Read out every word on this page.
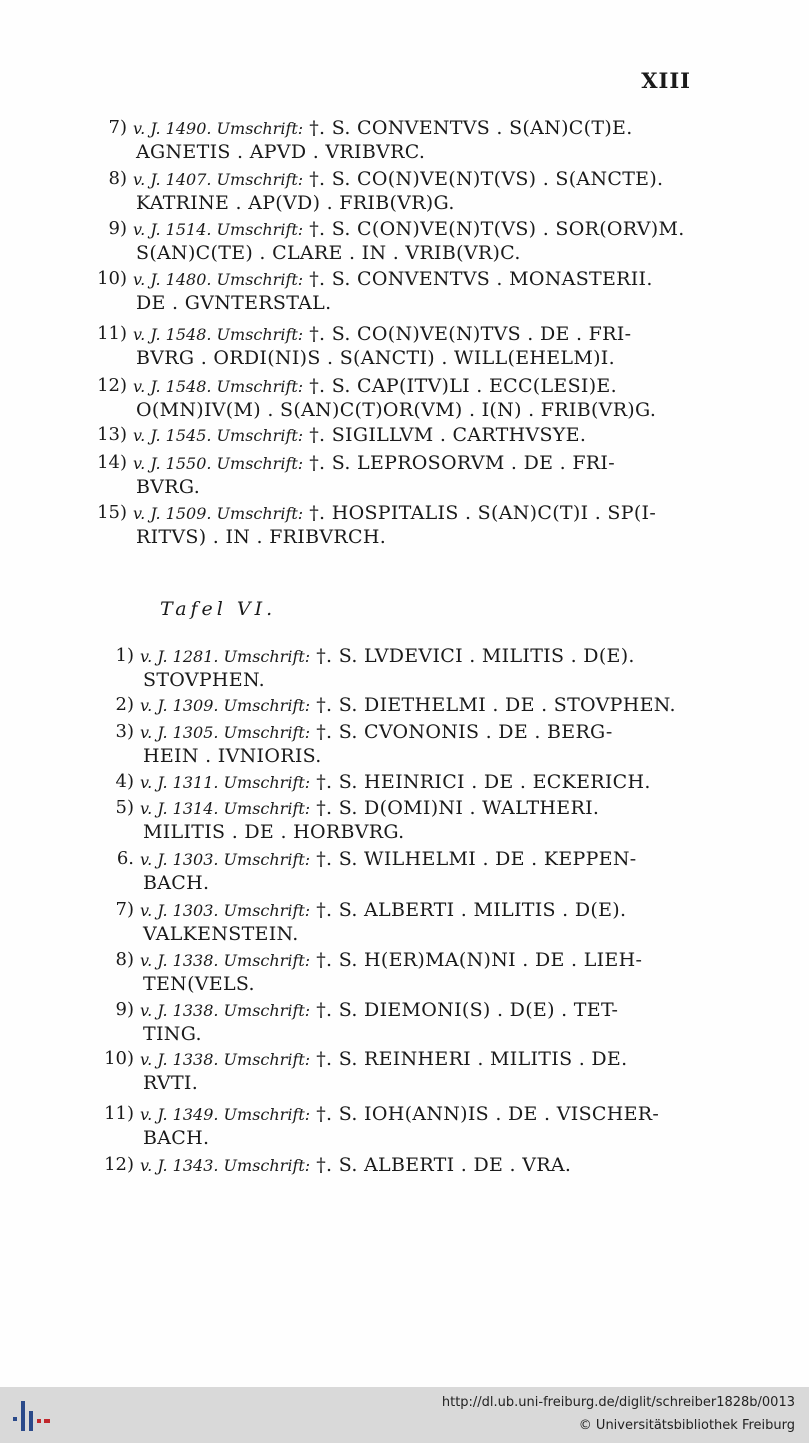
XIII
7) v. J. 1490. Umschrift: †. S. CONVENTVS . S(AN)C(T)E.
AGNETIS . APVD . VRIBVRC.
8) v. J. 1407. Umschrift: †. S. CO(N)VE(N)T(VS) . S(ANCTE).
KATRINE . AP(VD) . FRIB(VR)G.
9) v. J. 1514. Umschrift: †. S. C(ON)VE(N)T(VS) . SOR(ORV)M.
S(AN)C(TE) . CLARE . IN . VRIB(VR)C.
10) v. J. 1480. Umschrift: †. S. CONVENTVS . MONASTERII.
DE . GVNTERSTAL.
11) v. J. 1548. Umschrift: †. S. CO(N)VE(N)TVS . DE . FRI-
BVRG . ORDI(NI)S . S(ANCTI) . WILL(EHELM)I.
12) v. J. 1548. Umschrift: †. S. CAP(ITV)LI . ECC(LESI)E.
O(MN)IV(M) . S(AN)C(T)OR(VM) . I(N) . FRIB(VR)G.
13) v. J. 1545. Umschrift: †. SIGILLVM . CARTHVSYE.
14) v. J. 1550. Umschrift: †. S. LEPROSORVM . DE . FRI-
BVRG.
15) v. J. 1509. Umschrift: †. HOSPITALIS . S(AN)C(T)I . SP(I-
RITVS) . IN . FRIBVRCH.
Tafel VI.
1) v. J. 1281. Umschrift: †. S. LVDEVICI . MILITIS . D(E).
STOVPHEN.
2) v. J. 1309. Umschrift: †. S. DIETHELMI . DE . STOVPHEN.
3) v. J. 1305. Umschrift: †. S. CVONONIS . DE . BERG-
HEIN . IVNIORIS.
4) v. J. 1311. Umschrift: †. S. HEINRICI . DE . ECKERICH.
5) v. J. 1314. Umschrift: †. S. D(OMI)NI . WALTHERI.
MILITIS . DE . HORBVRG.
6. v. J. 1303. Umschrift: †. S. WILHELMI . DE . KEPPEN-
BACH.
7) v. J. 1303. Umschrift: †. S. ALBERTI . MILITIS . D(E).
VALKENSTEIN.
8) v. J. 1338. Umschrift: †. S. H(ER)MA(N)NI . DE . LIEH-
TEN(VELS.
9) v. J. 1338. Umschrift: †. S. DIEMONI(S) . D(E) . TET-
TING.
10) v. J. 1338. Umschrift: †. S. REINHERI . MILITIS . DE.
RVTI.
11) v. J. 1349. Umschrift: †. S. IOH(ANN)IS . DE . VISCHER-
BACH.
12) v. J. 1343. Umschrift: †. S. ALBERTI . DE . VRA.
http://dl.ub.uni-freiburg.de/diglit/schreiber1828b/0013
© Universitätsbibliothek Freiburg
